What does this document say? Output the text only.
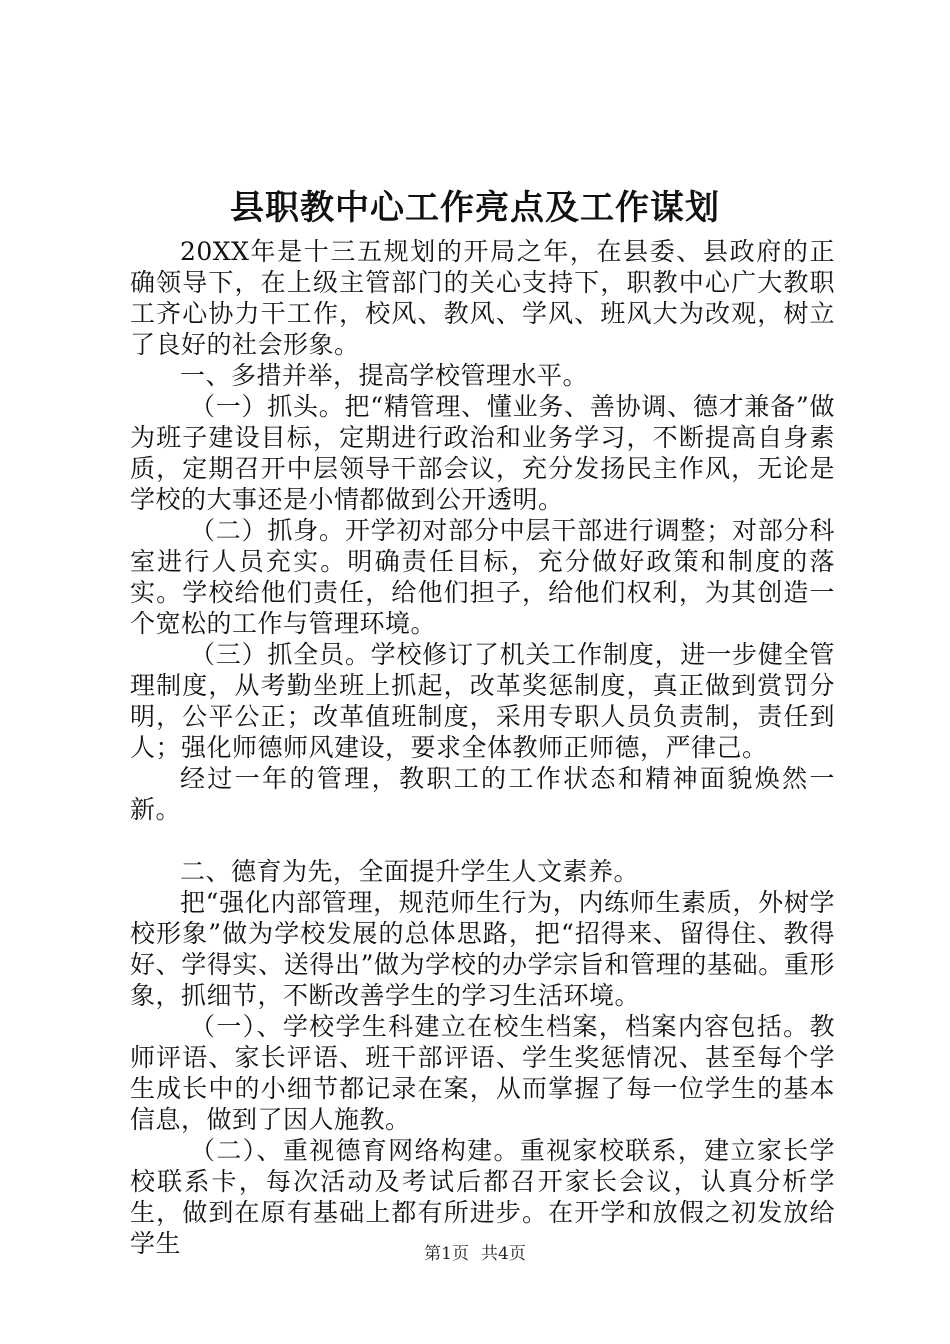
县职教中心工作亮点及工作谋划

20XX年是十三五规划的开局之年，在县委、县政府的正确领导下，在上级主管部门的关心支持下，职教中心广大教职工齐心协力干工作，校风、教风、学风、班风大为改观，树立了良好的社会形象。

一、多措并举，提高学校管理水平。

（一）抓头。把“精管理、懂业务、善协调、德才兼备”做为班子建设目标，定期进行政治和业务学习，不断提高自身素质，定期召开中层领导干部会议，充分发扬民主作风，无论是学校的大事还是小情都做到公开透明。

（二）抓身。开学初对部分中层干部进行调整；对部分科室进行人员充实。明确责任目标，充分做好政策和制度的落实。学校给他们责任，给他们担子，给他们权利，为其创造一个宽松的工作与管理环境。

（三）抓全员。学校修订了机关工作制度，进一步健全管理制度，从考勤坐班上抓起，改革奖惩制度，真正做到赏罚分明，公平公正；改革值班制度，采用专职人员负责制，责任到人；强化师德师风建设，要求全体教师正师德，严律己。

经过一年的管理，教职工的工作状态和精神面貌焕然一新。

二、德育为先，全面提升学生人文素养。

把“强化内部管理，规范师生行为，内练师生素质，外树学校形象”做为学校发展的总体思路，把“招得来、留得住、教得好、学得实、送得出”做为学校的办学宗旨和管理的基础。重形象，抓细节，不断改善学生的学习生活环境。

（一）、学校学生科建立在校生档案，档案内容包括。教师评语、家长评语、班干部评语、学生奖惩情况、甚至每个学生成长中的小细节都记录在案，从而掌握了每一位学生的基本信息，做到了因人施教。

（二）、重视德育网络构建。重视家校联系，建立家长学校联系卡，每次活动及考试后都召开家长会议，认真分析学生，做到在原有基础上都有所进步。在开学和放假之初发放给学生	第1页 共4页
